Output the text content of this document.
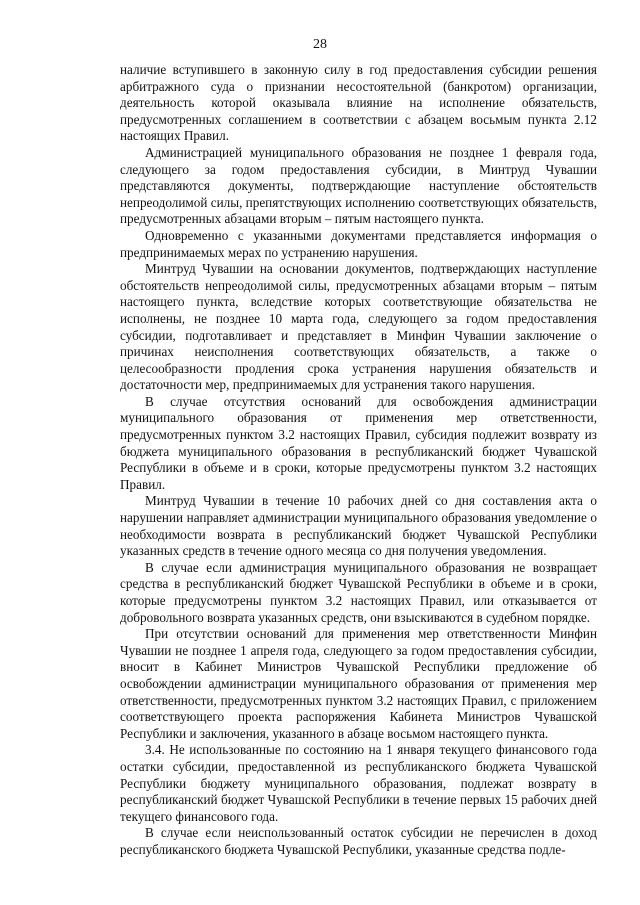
28

наличие вступившего в законную силу в год предоставления субсидии решения арбитражного суда о признании несостоятельной (банкротом) организации, деятельность которой оказывала влияние на исполнение обязательств, предусмотренных соглашением в соответствии с абзацем восьмым пункта 2.12 настоящих Правил.

Администрацией муниципального образования не позднее 1 февраля года, следующего за годом предоставления субсидии, в Минтруд Чувашии представляются документы, подтверждающие наступление обстоятельств непреодолимой силы, препятствующих исполнению соответствующих обязательств, предусмотренных абзацами вторым – пятым настоящего пункта.

Одновременно с указанными документами представляется информация о предпринимаемых мерах по устранению нарушения.

Минтруд Чувашии на основании документов, подтверждающих наступление обстоятельств непреодолимой силы, предусмотренных абзацами вторым – пятым настоящего пункта, вследствие которых соответствующие обязательства не исполнены, не позднее 10 марта года, следующего за годом предоставления субсидии, подготавливает и представляет в Минфин Чувашии заключение о причинах неисполнения соответствующих обязательств, а также о целесообразности продления срока устранения нарушения обязательств и достаточности мер, предпринимаемых для устранения такого нарушения.

В случае отсутствия оснований для освобождения администрации муниципального образования от применения мер ответственности, предусмотренных пунктом 3.2 настоящих Правил, субсидия подлежит возврату из бюджета муниципального образования в республиканский бюджет Чувашской Республики в объеме и в сроки, которые предусмотрены пунктом 3.2 настоящих Правил.

Минтруд Чувашии в течение 10 рабочих дней со дня составления акта о нарушении направляет администрации муниципального образования уведомление о необходимости возврата в республиканский бюджет Чувашской Республики указанных средств в течение одного месяца со дня получения уведомления.

В случае если администрация муниципального образования не возвращает средства в республиканский бюджет Чувашской Республики в объеме и в сроки, которые предусмотрены пунктом 3.2 настоящих Правил, или отказывается от добровольного возврата указанных средств, они взыскиваются в судебном порядке.

При отсутствии оснований для применения мер ответственности Минфин Чувашии не позднее 1 апреля года, следующего за годом предоставления субсидии, вносит в Кабинет Министров Чувашской Республики предложение об освобождении администрации муниципального образования от применения мер ответственности, предусмотренных пунктом 3.2 настоящих Правил, с приложением соответствующего проекта распоряжения Кабинета Министров Чувашской Республики и заключения, указанного в абзаце восьмом настоящего пункта.

3.4. Не использованные по состоянию на 1 января текущего финансового года остатки субсидии, предоставленной из республиканского бюджета Чувашской Республики бюджету муниципального образования, подлежат возврату в республиканский бюджет Чувашской Республики в течение первых 15 рабочих дней текущего финансового года.

В случае если неиспользованный остаток субсидии не перечислен в доход республиканского бюджета Чувашской Республики, указанные средства подле-
